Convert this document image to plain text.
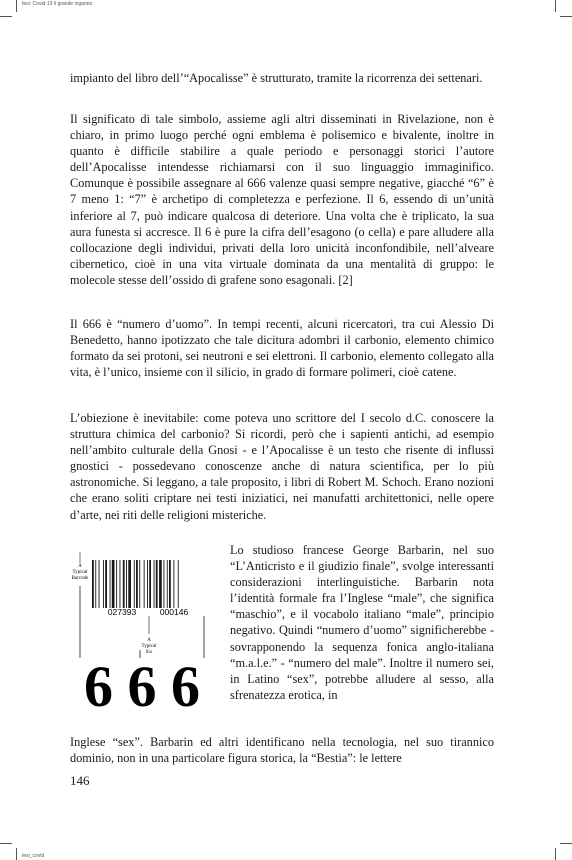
tesi: Covid-19 il grande inganno

impianto del libro dell’“Apocalisse” è strutturato, tramite la ricorrenza dei settenari.

Il significato di tale simbolo, assieme agli altri disseminati in Rivelazione, non è chiaro, in primo luogo perché ogni emblema è polisemico e bivalente, inoltre in quanto è difficile stabilire a quale periodo e personaggi storici l’autore dell’Apocalisse intendesse richiamarsi con il suo linguaggio immaginifico. Comunque è possibile assegnare al 666 valenze quasi sempre negative, giacché “6” è 7 meno 1: “7” è archetipo di completezza e perfezione. Il 6, essendo di un’unità inferiore al 7, può indicare qualcosa di deteriore. Una volta che è triplicato, la sua aura funesta si accresce. Il 6 è pure la cifra dell’esagono (o cella) e pare alludere alla collocazione degli individui, privati della loro unicità inconfondibile, nell’alveare cibernetico, cioè in una vita virtuale dominata da una mentalità di gruppo: le molecole stesse dell’ossido di grafene sono esagonali. [2]

Il 666 è “numero d’uomo”. In tempi recenti, alcuni ricercatori, tra cui Alessio Di Benedetto, hanno ipotizzato che tale dicitura adombri il carbonio, elemento chimico formato da sei protoni, sei neutroni e sei elettroni. Il carbonio, elemento collegato alla vita, è l’unico, insieme con il silicio, in grado di formare polimeri, cioè catene.

L’obiezione è inevitabile: come poteva uno scrittore del I secolo d.C. conoscere la struttura chimica del carbonio? Si ricordi, però che i sapienti antichi, ad esempio nell’ambito culturale della Gnosi - e l’Apocalisse è un testo che risente di influssi gnostici - possedevano conoscenze anche di natura scientifica, per lo più astronomiche. Si leggano, a tale proposito, i libri di Robert M. Schoch. Erano nozioni che erano soliti criptare nei testi iniziatici, nei manufatti architettonici, nelle opere d’arte, nei riti delle religioni misteriche.

Lo studioso francese George Barbarin, nel suo “L’Anticristo e il giudizio finale”, svolge interessanti considerazioni interlinguistiche. Barbarin nota l’identità formale fra l’Inglese “male”, che significa “maschio”, e il vocabolo italiano “male”, principio negativo. Quindi “numero d’uomo” significherebbe - sovrapponendo la sequenza fonica anglo-italiana “m.a.l.e.” - “numero del male”. Inoltre il numero sei, in Latino “sex”, potrebbe alludere al sesso, alla sfrenatezza erotica, in

Inglese “sex”. Barbarin ed altri identificano nella tecnologia, nel suo tirannico dominio, non in una particolare figura storica, la “Bestia”: le lettere

A
Typical
Barcode
027393	000146
A
Typical
Six
6 6 6
146
tesi_covid
